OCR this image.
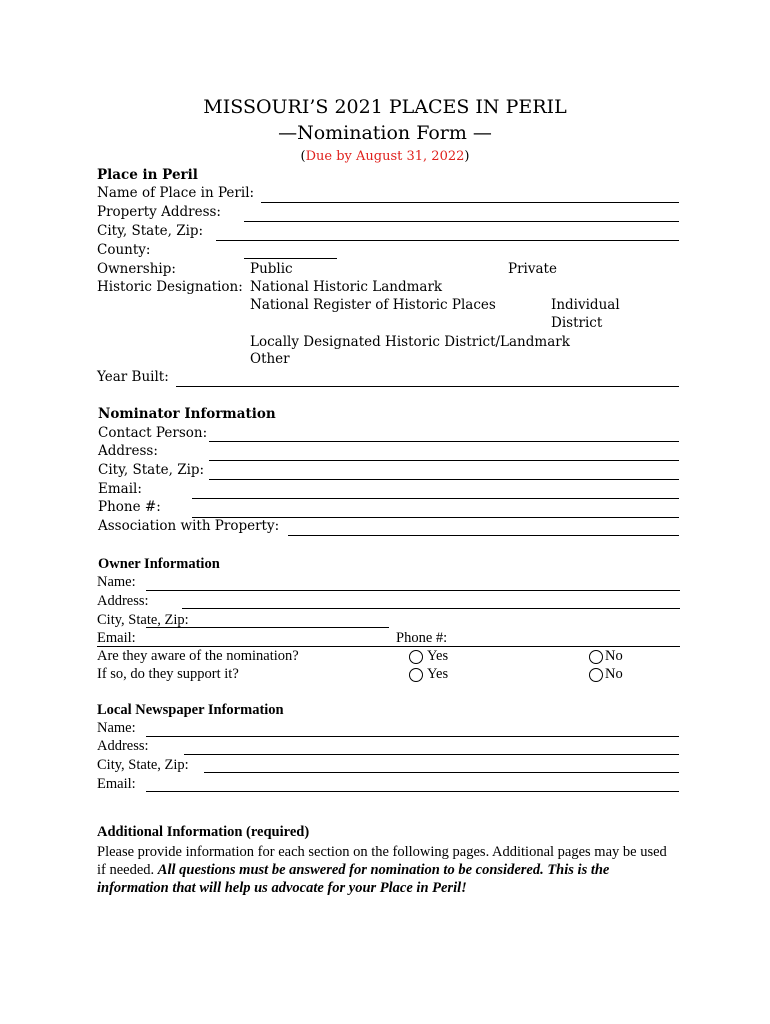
MISSOURI’S 2021 PLACES IN PERIL
—Nomination Form —
(Due by August 31, 2022)
Place in Peril
Name of Place in Peril:
Property Address:
City, State, Zip:
County:
Ownership:	Public	Private
Historic Designation: National Historic Landmark
National Register of Historic Places	Individual
District
Locally Designated Historic District/Landmark
Other
Year Built:
Nominator Information
Contact Person:
Address:
City, State, Zip:
Email:
Phone #:
Association with Property:
Owner Information
Name:
Address:
City, State, Zip:
Email:	Phone #:
Are they aware of the nomination?	Yes	No
If so, do they support it?	Yes	No
Local Newspaper Information
Name:
Address:
City, State, Zip:
Email:
Additional Information (required)
Please provide information for each section on the following pages. Additional pages may be used if needed. All questions must be answered for nomination to be considered. This is the information that will help us advocate for your Place in Peril!
